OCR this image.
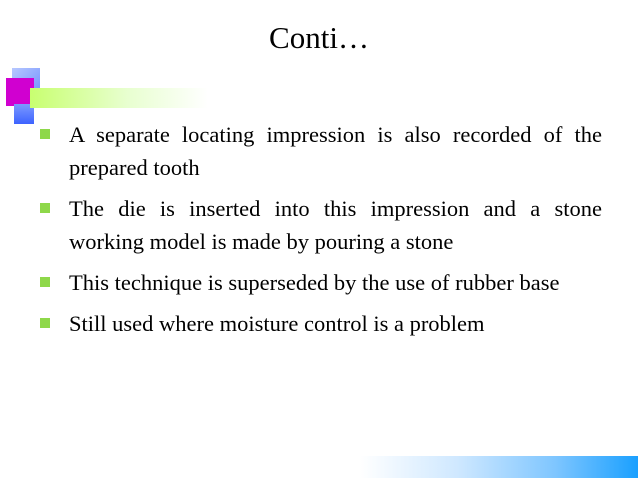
Conti…
A separate locating impression is also recorded of the prepared tooth
The die is inserted into this impression and a stone working model is made by pouring a stone
This technique is superseded by the use of rubber base
Still used where moisture control is a problem
